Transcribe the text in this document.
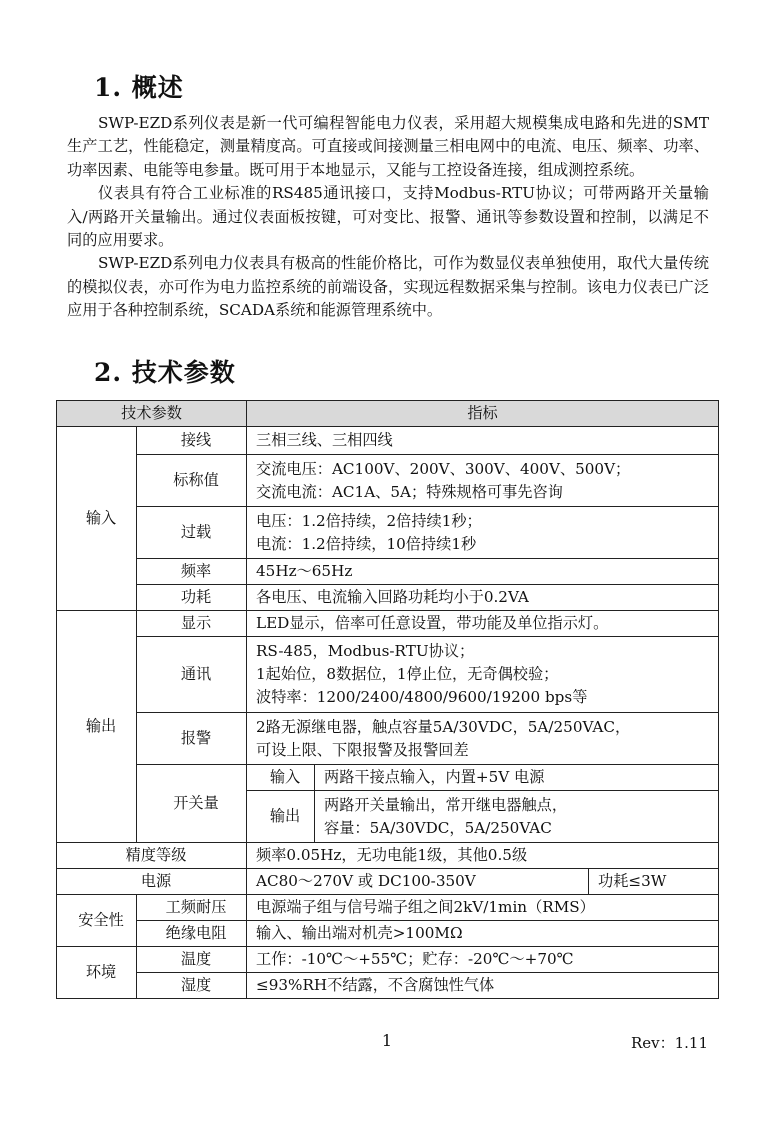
1. 概述

SWP-EZD系列仪表是新一代可编程智能电力仪表，采用超大规模集成电路和先进的SMT生产工艺，性能稳定，测量精度高。可直接或间接测量三相电网中的电流、电压、频率、功率、功率因素、电能等电参量。既可用于本地显示，又能与工控设备连接，组成测控系统。

仪表具有符合工业标准的RS485通讯接口，支持Modbus-RTU协议；可带两路开关量输入/两路开关量输出。通过仪表面板按键，可对变比、报警、通讯等参数设置和控制，以满足不同的应用要求。

SWP-EZD系列电力仪表具有极高的性能价格比，可作为数显仪表单独使用，取代大量传统的模拟仪表，亦可作为电力监控系统的前端设备，实现远程数据采集与控制。该电力仪表已广泛应用于各种控制系统，SCADA系统和能源管理系统中。

2. 技术参数
技术参数		指标		
输入	接线	三相三线、三相四线		
	标称值	交流电压：AC100V、200V、300V、400V、500V；
交流电流：AC1A、5A；特殊规格可事先咨询		

	过载	电压：1.2倍持续，2倍持续1秒；
电流：1.2倍持续，10倍持续1秒		

	频率	45Hz～65Hz		
	功耗	各电压、电流输入回路功耗均小于0.2VA		
输出	显示	LED显示，倍率可任意设置，带功能及单位指示灯。		
	通讯	RS-485，Modbus-RTU协议；
1起始位，8数据位，1停止位，无奇偶校验；
波特率：1200/2400/4800/9600/19200 bps等		

	报警	2路无源继电器，触点容量5A/30VDC，5A/250VAC，
可设上限、下限报警及报警回差		

	开关量	输入	两路干接点输入，内置+5V 电源	
		输出	两路开关量输出，常开继电器触点，
容量：5A/30VDC，5A/250VAC	

精度等级		频率0.05Hz，无功电能1级，其他0.5级		
电源		AC80～270V 或 DC100-350V		功耗≤3W
安全性	工频耐压	电源端子组与信号端子组之间2kV/1min（RMS）		
	绝缘电阻	输入、输出端对机壳>100MΩ		
环境	温度	工作：-10℃～+55℃；贮存：-20℃～+70℃		
	湿度	≤93%RH不结露，不含腐蚀性气体		
1	Rev：1.11
